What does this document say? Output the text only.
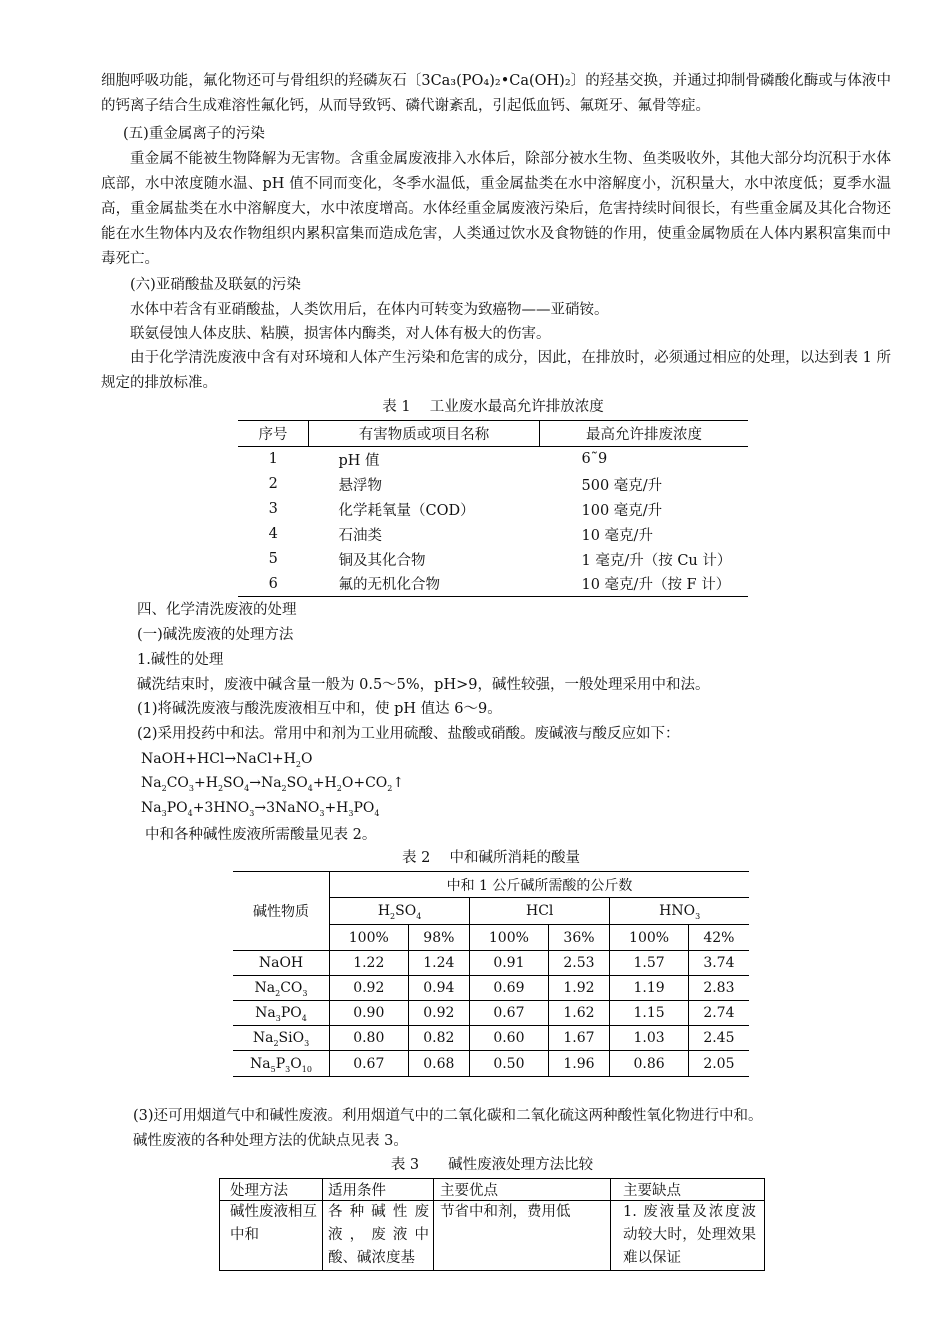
细胞呼吸功能，氟化物还可与骨组织的羟磷灰石〔3Ca₃(PO₄)₂•Ca(OH)₂〕的羟基交换，并通过抑制骨磷酸化酶或与体液中的钙离子结合生成难溶性氟化钙，从而导致钙、磷代谢紊乱，引起低血钙、氟斑牙、氟骨等症。

(五)重金属离子的污染

重金属不能被生物降解为无害物。含重金属废液排入水体后，除部分被水生物、鱼类吸收外，其他大部分均沉积于水体底部，水中浓度随水温、pH 值不同而变化，冬季水温低，重金属盐类在水中溶解度小，沉积量大，水中浓度低；夏季水温高，重金属盐类在水中溶解度大，水中浓度增高。水体经重金属废液污染后，危害持续时间很长，有些重金属及其化合物还能在水生物体内及农作物组织内累积富集而造成危害，人类通过饮水及食物链的作用，使重金属物质在人体内累积富集而中毒死亡。

(六)亚硝酸盐及联氨的污染

水体中若含有亚硝酸盐，人类饮用后，在体内可转变为致癌物——亚硝铵。

联氨侵蚀人体皮肤、粘膜，损害体内酶类，对人体有极大的伤害。

由于化学清洗废液中含有对环境和人体产生污染和危害的成分，因此，在排放时，必须通过相应的处理，以达到表 1 所规定的排放标准。

表 1　 工业废水最高允许排放浓度
序号	有害物质或项目名称	最高允许排废浓度
1	pH 值	6˜9
2	悬浮物	500 毫克/升
3	化学耗氧量（COD）	100 毫克/升
4	石油类	10 毫克/升
5	铜及其化合物	1 毫克/升（按 Cu 计）
6	氟的无机化合物	10 毫克/升（按 F 计）

四、化学清洗废液的处理

(一)碱洗废液的处理方法

1.碱性的处理

碱洗结束时，废液中碱含量一般为 0.5～5%，pH>9，碱性较强，一般处理采用中和法。

(1)将碱洗废液与酸洗废液相互中和，使 pH 值达 6～9。

(2)采用投药中和法。常用中和剂为工业用硫酸、盐酸或硝酸。废碱液与酸反应如下：

$NaOH+HCl\to NaCl+H_2O$
$Na_2CO_3+H_2SO_4\to Na_2SO_4+H_2O+CO_2↑$
$Na_3PO_4+3HNO_3\to 3NaNO_3+H_3PO_4$

中和各种碱性废液所需酸量见表 2。

表 2　 中和碱所消耗的酸量
碱性物质	中和 1 公斤碱所需酸的公斤数					
	$H_2SO_4$		HCl		$HNO_3$
	100%	98%	100%	36%	100%	42%
NaOH	1.22	1.24	0.91	2.53	1.57	3.74
$Na_2CO_3$	0.92	0.94	0.69	1.92	1.19	2.83
$Na_3PO_4$	0.90	0.92	0.67	1.62	1.15	2.74
$Na_2SiO_3$	0.80	0.82	0.60	1.67	1.03	2.45
$Na_5P_3O_{10}$	0.67	0.68	0.50	1.96	0.86	2.05

(3)还可用烟道气中和碱性废液。利用烟道气中的二氧化碳和二氧化硫这两种酸性氧化物进行中和。

碱性废液的各种处理方法的优缺点见表 3。

表 3　　碱性废液处理方法比较
处理方法	适用条件	主要优点	主要缺点
碱性废液相互中和	各种碱性废液，废液中酸、碱浓度基	节省中和剂，费用低	1. 废液量及浓度波动较大时，处理效果难以保证
